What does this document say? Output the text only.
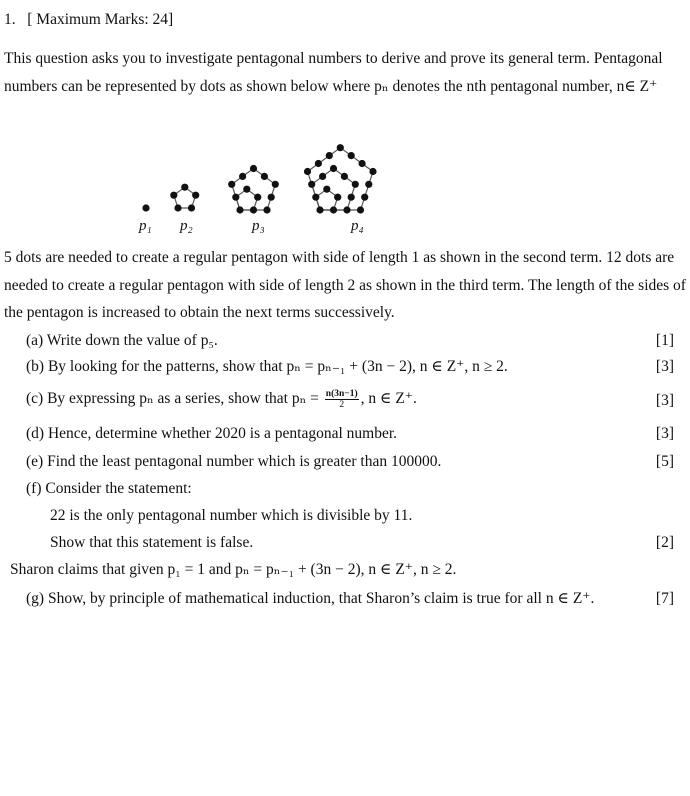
1. [ Maximum Marks: 24]
This question asks you to investigate pentagonal numbers to derive and prove its general term. Pentagonal numbers can be represented by dots as shown below where pₙ denotes the nth pentagonal number, n∈ Z⁺
p₁ p₂	p₃	p₄
5 dots are needed to create a regular pentagon with side of length 1 as shown in the second term. 12 dots are needed to create a regular pentagon with side of length 2 as shown in the third term. The length of the sides of the pentagon is increased to obtain the next terms successively.
(a) Write down the value of p₅.	[1]
(b) By looking for the patterns, show that pₙ = pₙ₋₁ + (3n − 2), n ∈ Z⁺, n ≥ 2.	[3]
(c) By expressing pₙ as a series, show that $p_n = \frac{n(3n-1)}{2}$ , n ∈ Z⁺.	[3]
(d) Hence, determine whether 2020 is a pentagonal number.	[3]
(e) Find the least pentagonal number which is greater than 100000.	[5]
(f) Consider the statement:
22 is the only pentagonal number which is divisible by 11.
Show that this statement is false.	[2]
Sharon claims that given p₁ = 1 and pₙ = pₙ₋₁ + (3n − 2), n ∈ Z⁺, n ≥ 2.
(g) Show, by principle of mathematical induction, that Sharon’s claim is true for all n ∈ Z⁺.	[7]
